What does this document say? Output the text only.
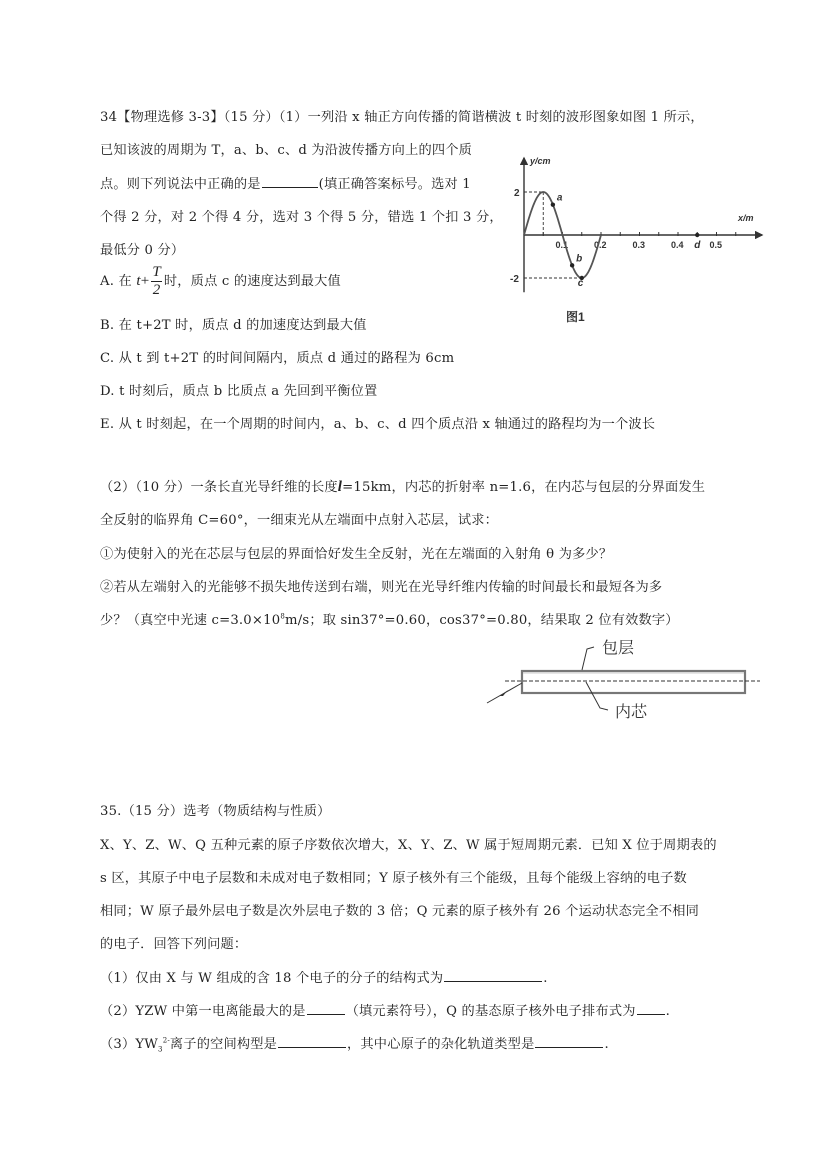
34【物理选修 3-3】（15 分）（1）一列沿 x 轴正方向传播的简谐横波 t 时刻的波形图象如图 1 所示，
已知该波的周期为 T，a、b、c、d 为沿波传播方向上的四个质
点。则下列说法中正确的是	(填正确答案标号。选对 1
个得 2 分，对 2 个得 4 分，选对 3 个得 5 分，错选 1 个扣 3 分，
最低分 0 分）
A. 在 $t+ \frac{T}{2}$ 时，质点 c 的速度达到最大值
B. 在 t+2T 时，质点 d 的加速度达到最大值
C. 从 t 到 t+2T 的时间间隔内，质点 d 通过的路程为 6cm
D. t 时刻后，质点 b 比质点 a 先回到平衡位置
E. 从 t 时刻起，在一个周期的时间内，a、b、c、d 四个质点沿 x 轴通过的路程均为一个波长
y/cm
x/m
0.1	0.2	0.3	0.4	0.5
2
-2
a
b
c
d
图1
（2）（10 分）一条长直光导纤维的长度l=15km，内芯的折射率 n=1.6，在内芯与包层的分界面发生
全反射的临界角 C=60°，一细束光从左端面中点射入芯层，试求：
①为使射入的光在芯层与包层的界面恰好发生全反射，光在左端面的入射角 θ 为多少？
②若从左端射入的光能够不损失地传送到右端，则光在光导纤维内传输的时间最长和最短各为多
少？（真空中光速 $c=3.0\times 10^8m/s$；取 sin37°=0.60，cos37°=0.80，结果取 2 位有效数字）
包层
内芯
35.（15 分）选考（物质结构与性质）
X、Y、Z、W、Q 五种元素的原子序数依次增大，X、Y、Z、W 属于短周期元素．已知 X 位于周期表的
s 区，其原子中电子层数和未成对电子数相同；Y 原子核外有三个能级，且每个能级上容纳的电子数
相同；W 原子最外层电子数是次外层电子数的 3 倍；Q 元素的原子核外有 26 个运动状态完全不相同
的电子．回答下列问题：
（1）仅由 X 与 W 组成的含 18 个电子的分子的结构式为	.
（2）YZW 中第一电离能最大的是	（填元素符号），Q 的基态原子核外电子排布式为 .
$(3)YW_3^{2-}$离子的空间构型是	，其中心原子的杂化轨道类型是	.
